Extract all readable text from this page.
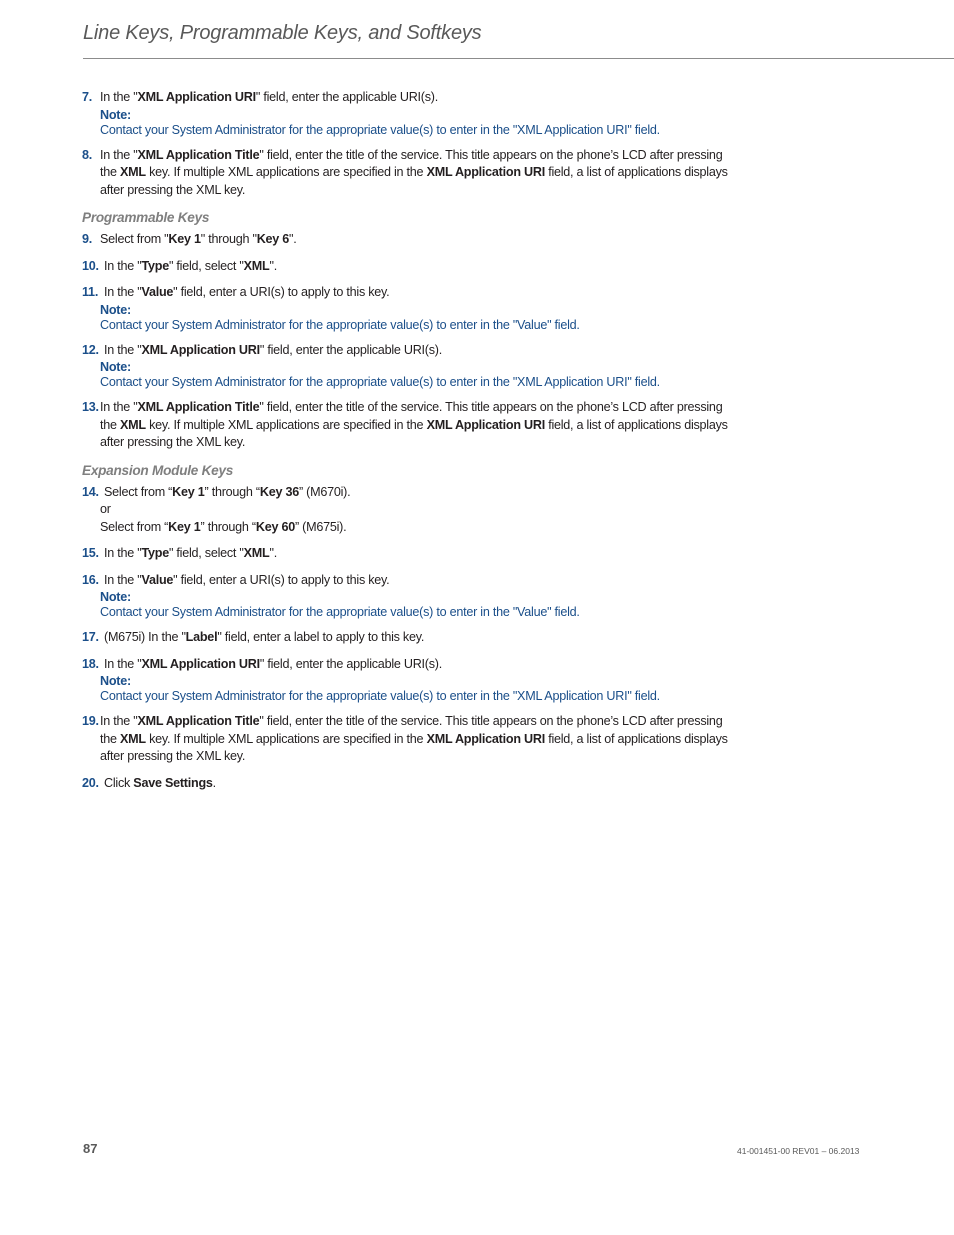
Line Keys, Programmable Keys, and Softkeys
7. In the "XML Application URI" field, enter the applicable URI(s).
Note:
Contact your System Administrator for the appropriate value(s) to enter in the "XML Application URI" field.
8. In the "XML Application Title" field, enter the title of the service. This title appears on the phone’s LCD after pressing
the XML key. If multiple XML applications are specified in the XML Application URI field, a list of applications displays
after pressing the XML key.
Programmable Keys
9. Select from "Key 1" through "Key 6".
10. In the "Type" field, select "XML".
11. In the "Value" field, enter a URI(s) to apply to this key.
Note:
Contact your System Administrator for the appropriate value(s) to enter in the "Value" field.
12. In the "XML Application URI" field, enter the applicable URI(s).
Note:
Contact your System Administrator for the appropriate value(s) to enter in the "XML Application URI" field.
13. In the "XML Application Title" field, enter the title of the service. This title appears on the phone’s LCD after pressing
the XML key. If multiple XML applications are specified in the XML Application URI field, a list of applications displays
after pressing the XML key.
Expansion Module Keys
14. Select from “Key 1” through “Key 36” (M670i).
or
Select from “Key 1” through “Key 60” (M675i).
15. In the "Type" field, select "XML".
16. In the "Value" field, enter a URI(s) to apply to this key.
Note:
Contact your System Administrator for the appropriate value(s) to enter in the "Value" field.
17. (M675i) In the "Label" field, enter a label to apply to this key.
18. In the "XML Application URI" field, enter the applicable URI(s).
Note:
Contact your System Administrator for the appropriate value(s) to enter in the "XML Application URI" field.
19. In the "XML Application Title" field, enter the title of the service. This title appears on the phone’s LCD after pressing
the XML key. If multiple XML applications are specified in the XML Application URI field, a list of applications displays
after pressing the XML key.
20. Click Save Settings.
87	41-001451-00 REV01 – 06.2013
